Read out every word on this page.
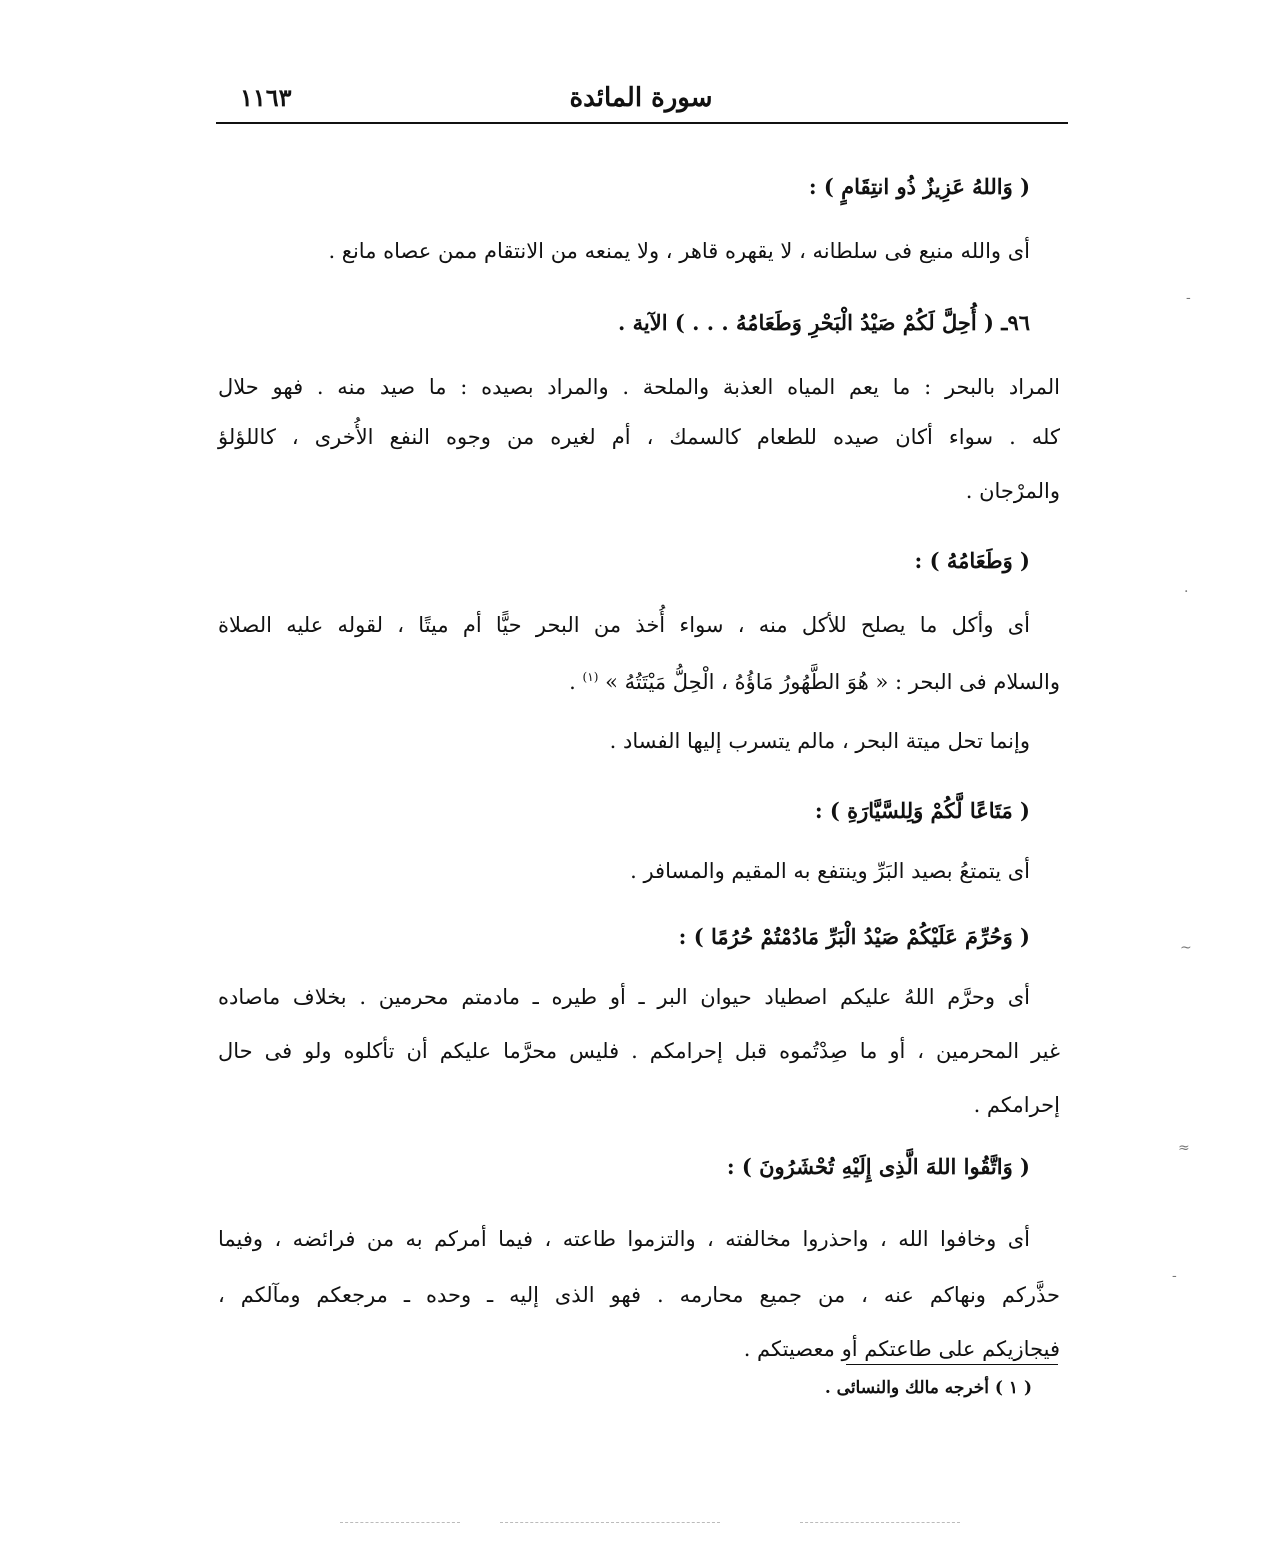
سورة المائدة
١١٦٣
( وَاللهُ عَزِيزٌ ذُو انتِقَامٍ ) :
أى والله منيع فى سلطانه ، لا يقهره قاهر ، ولا يمنعه من الانتقام ممن عصاه مانع .
٩٦ـ ( أُحِلَّ لَكُمْ صَيْدُ الْبَحْرِ وَطَعَامُهُ . . . ) الآية .
المراد بالبحر : ما يعم المياه العذبة والملحة . والمراد بصيده : ما صيد منه . فهو حلال
كله . سواء أكان صيده للطعام كالسمك ، أم لغيره من وجوه النفع الأُخرى ، كاللؤلؤ
والمرْجان .
( وَطَعَامُهُ ) :
أى وأكل ما يصلح للأكل منه ، سواء أُخذ من البحر حيًّا أم ميتًا ، لقوله عليه الصلاة
والسلام فى البحر : « هُوَ الطَّهُورُ مَاؤُهُ ، الْحِلُّ مَيْتَتُهُ » $^{(١)}$ .
وإنما تحل ميتة البحر ، مالم يتسرب إليها الفساد .
( مَتَاعًا لَّكُمْ وَلِلسَّيَّارَةِ ) :
أى يتمتعُ بصيد البَرِّ وينتفع به المقيم والمسافر .
( وَحُرِّمَ عَلَيْكُمْ صَيْدُ الْبَرِّ مَادُمْتُمْ حُرُمًا ) :
أى وحرَّم اللهُ عليكم اصطياد حيوان البر ـ أو طيره ـ مادمتم محرمين . بخلاف ماصاده
غير المحرمين ، أو ما صِدْتُموه قبل إحرامكم . فليس محرَّما عليكم أن تأكلوه ولو فى حال
إحرامكم .
( وَاتَّقُوا اللهَ الَّذِى إِلَيْهِ تُحْشَرُونَ ) :
أى وخافوا الله ، واحذروا مخالفته ، والتزموا طاعته ، فيما أمركم به من فرائضه ، وفيما
حذَّركم ونهاكم عنه ، من جميع محارمه . فهو الذى إليه ـ وحده ـ مرجعكم ومآلكم ،
فيجازيكم على طاعتكم أو معصيتكم .
( ١ ) أخرجه مالك والنسائى .
-
·
~
≈
-
